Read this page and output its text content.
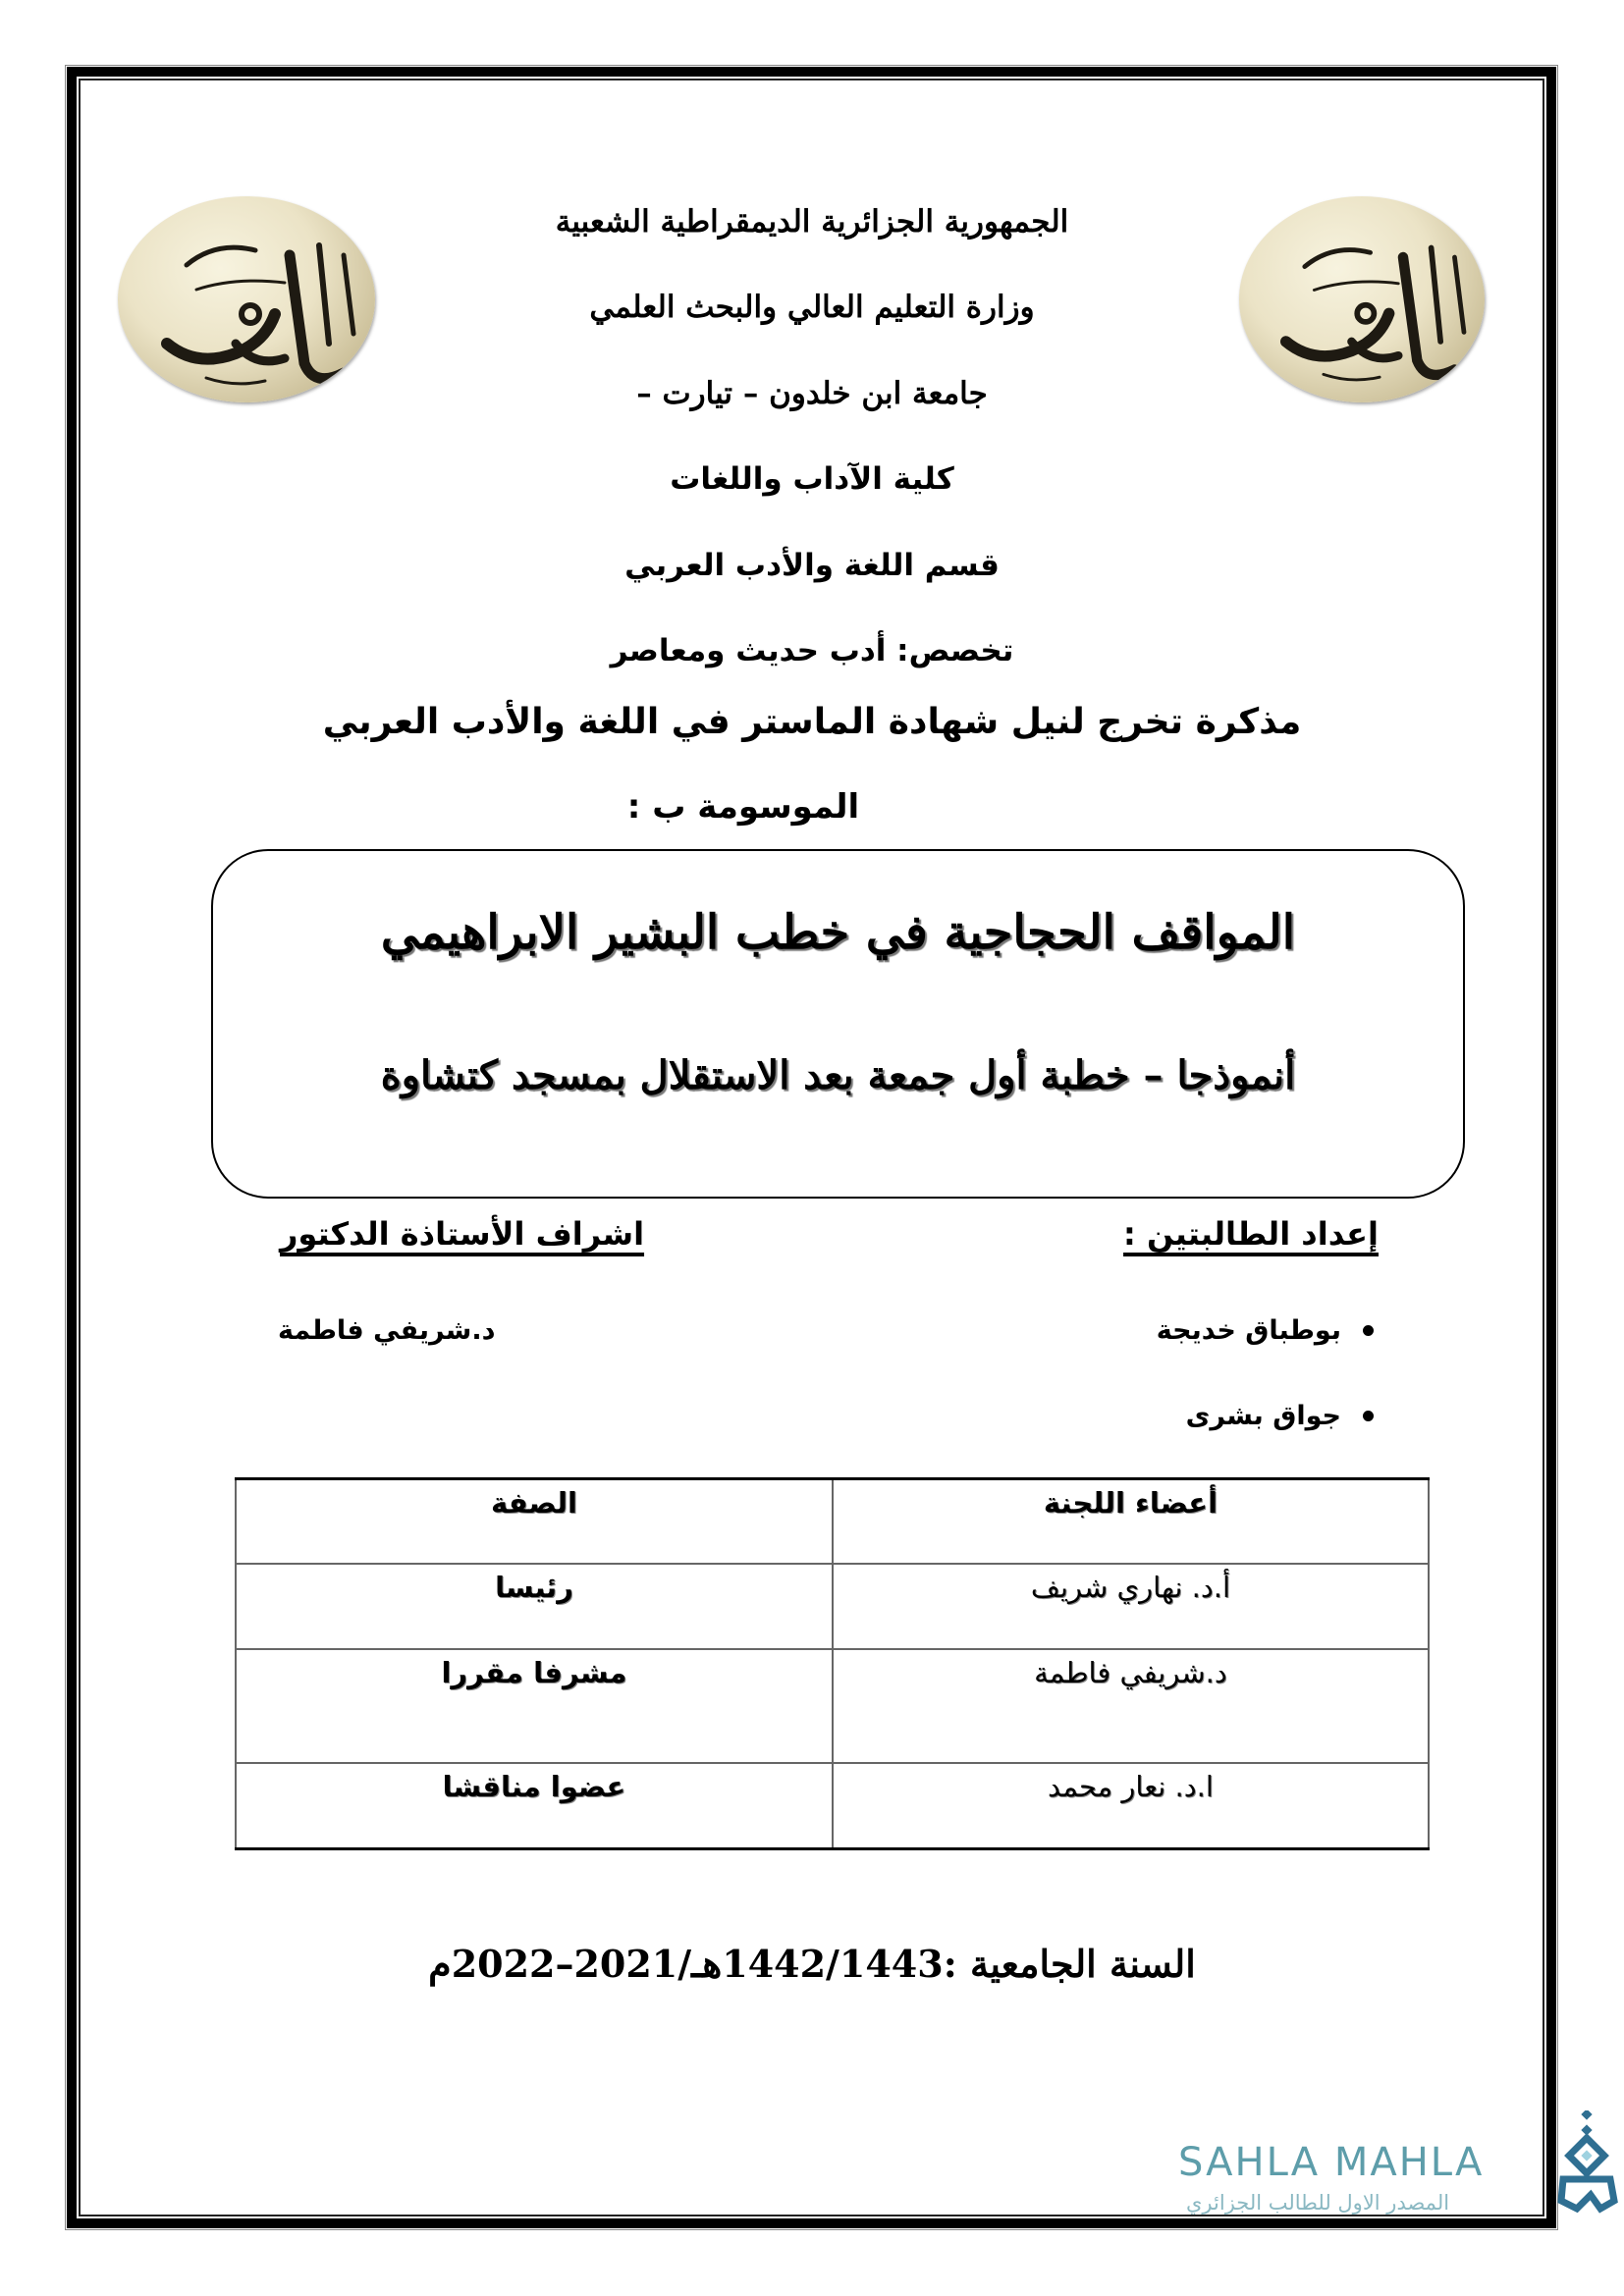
الجمهورية الجزائرية الديمقراطية الشعبية
وزارة التعليم العالي والبحث العلمي
جامعة ابن خلدون – تيارت –
كلية الآداب واللغات
قسم اللغة والأدب العربي
تخصص: أدب حديث ومعاصر
مذكرة تخرج لنيل شهادة الماستر في اللغة والأدب العربي
الموسومة ب :
المواقف الحجاجية في خطب البشير الابراهيمي
أنموذجا – خطبة أول جمعة بعد الاستقلال بمسجد كتشاوة
إعداد الطالبتين :
اشراف الأستاذة الدكتور
بوطباق خديجة
جواق بشرى
د.شريفي فاطمة
أعضاء اللجنة	الصفة
أ.د. نهاري شريف	رئيسا
د.شريفي فاطمة	مشرفا مقررا
ا.د. نعار محمد	عضوا مناقشا
السنة الجامعية :1442/1443هـ/2021–2022م
SAHLA MAHLA
المصدر الاول للطالب الجزائري
